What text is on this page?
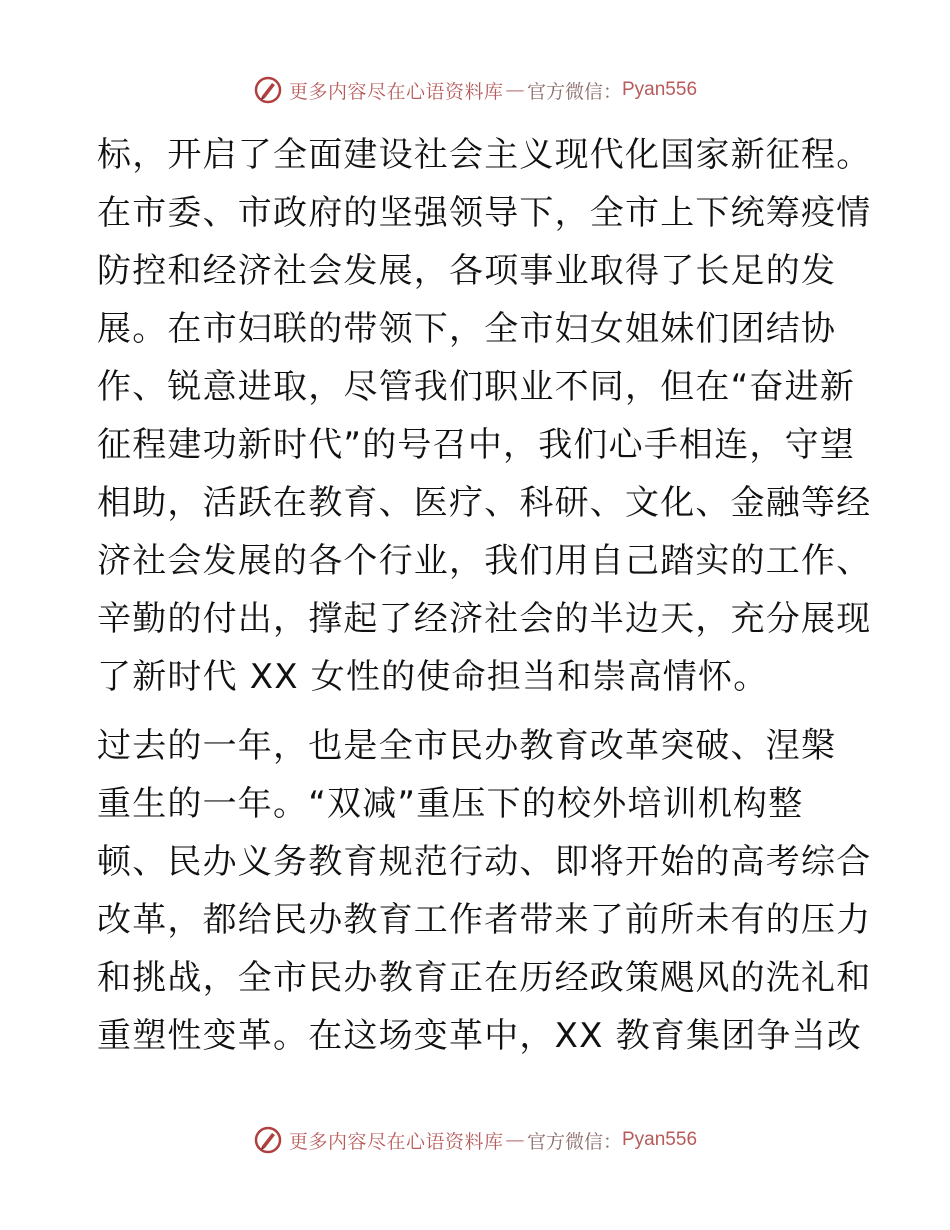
更多内容尽在心语资料库 — 官方微信： Pyan556
标，开启了全面建设社会主义现代化国家新征程。
在市委、市政府的坚强领导下，全市上下统筹疫情
防控和经济社会发展，各项事业取得了长足的发
展。在市妇联的带领下，全市妇女姐妹们团结协
作、锐意进取，尽管我们职业不同，但在“奋进新
征程建功新时代”的号召中，我们心手相连，守望
相助，活跃在教育、医疗、科研、文化、金融等经
济社会发展的各个行业，我们用自己踏实的工作、
辛勤的付出，撑起了经济社会的半边天，充分展现
了新时代 XX 女性的使命担当和崇高情怀。
过去的一年，也是全市民办教育改革突破、涅槃
重生的一年。“双减”重压下的校外培训机构整
顿、民办义务教育规范行动、即将开始的高考综合
改革，都给民办教育工作者带来了前所未有的压力
和挑战，全市民办教育正在历经政策飓风的洗礼和
重塑性变革。在这场变革中，XX 教育集团争当改
更多内容尽在心语资料库 — 官方微信： Pyan556
